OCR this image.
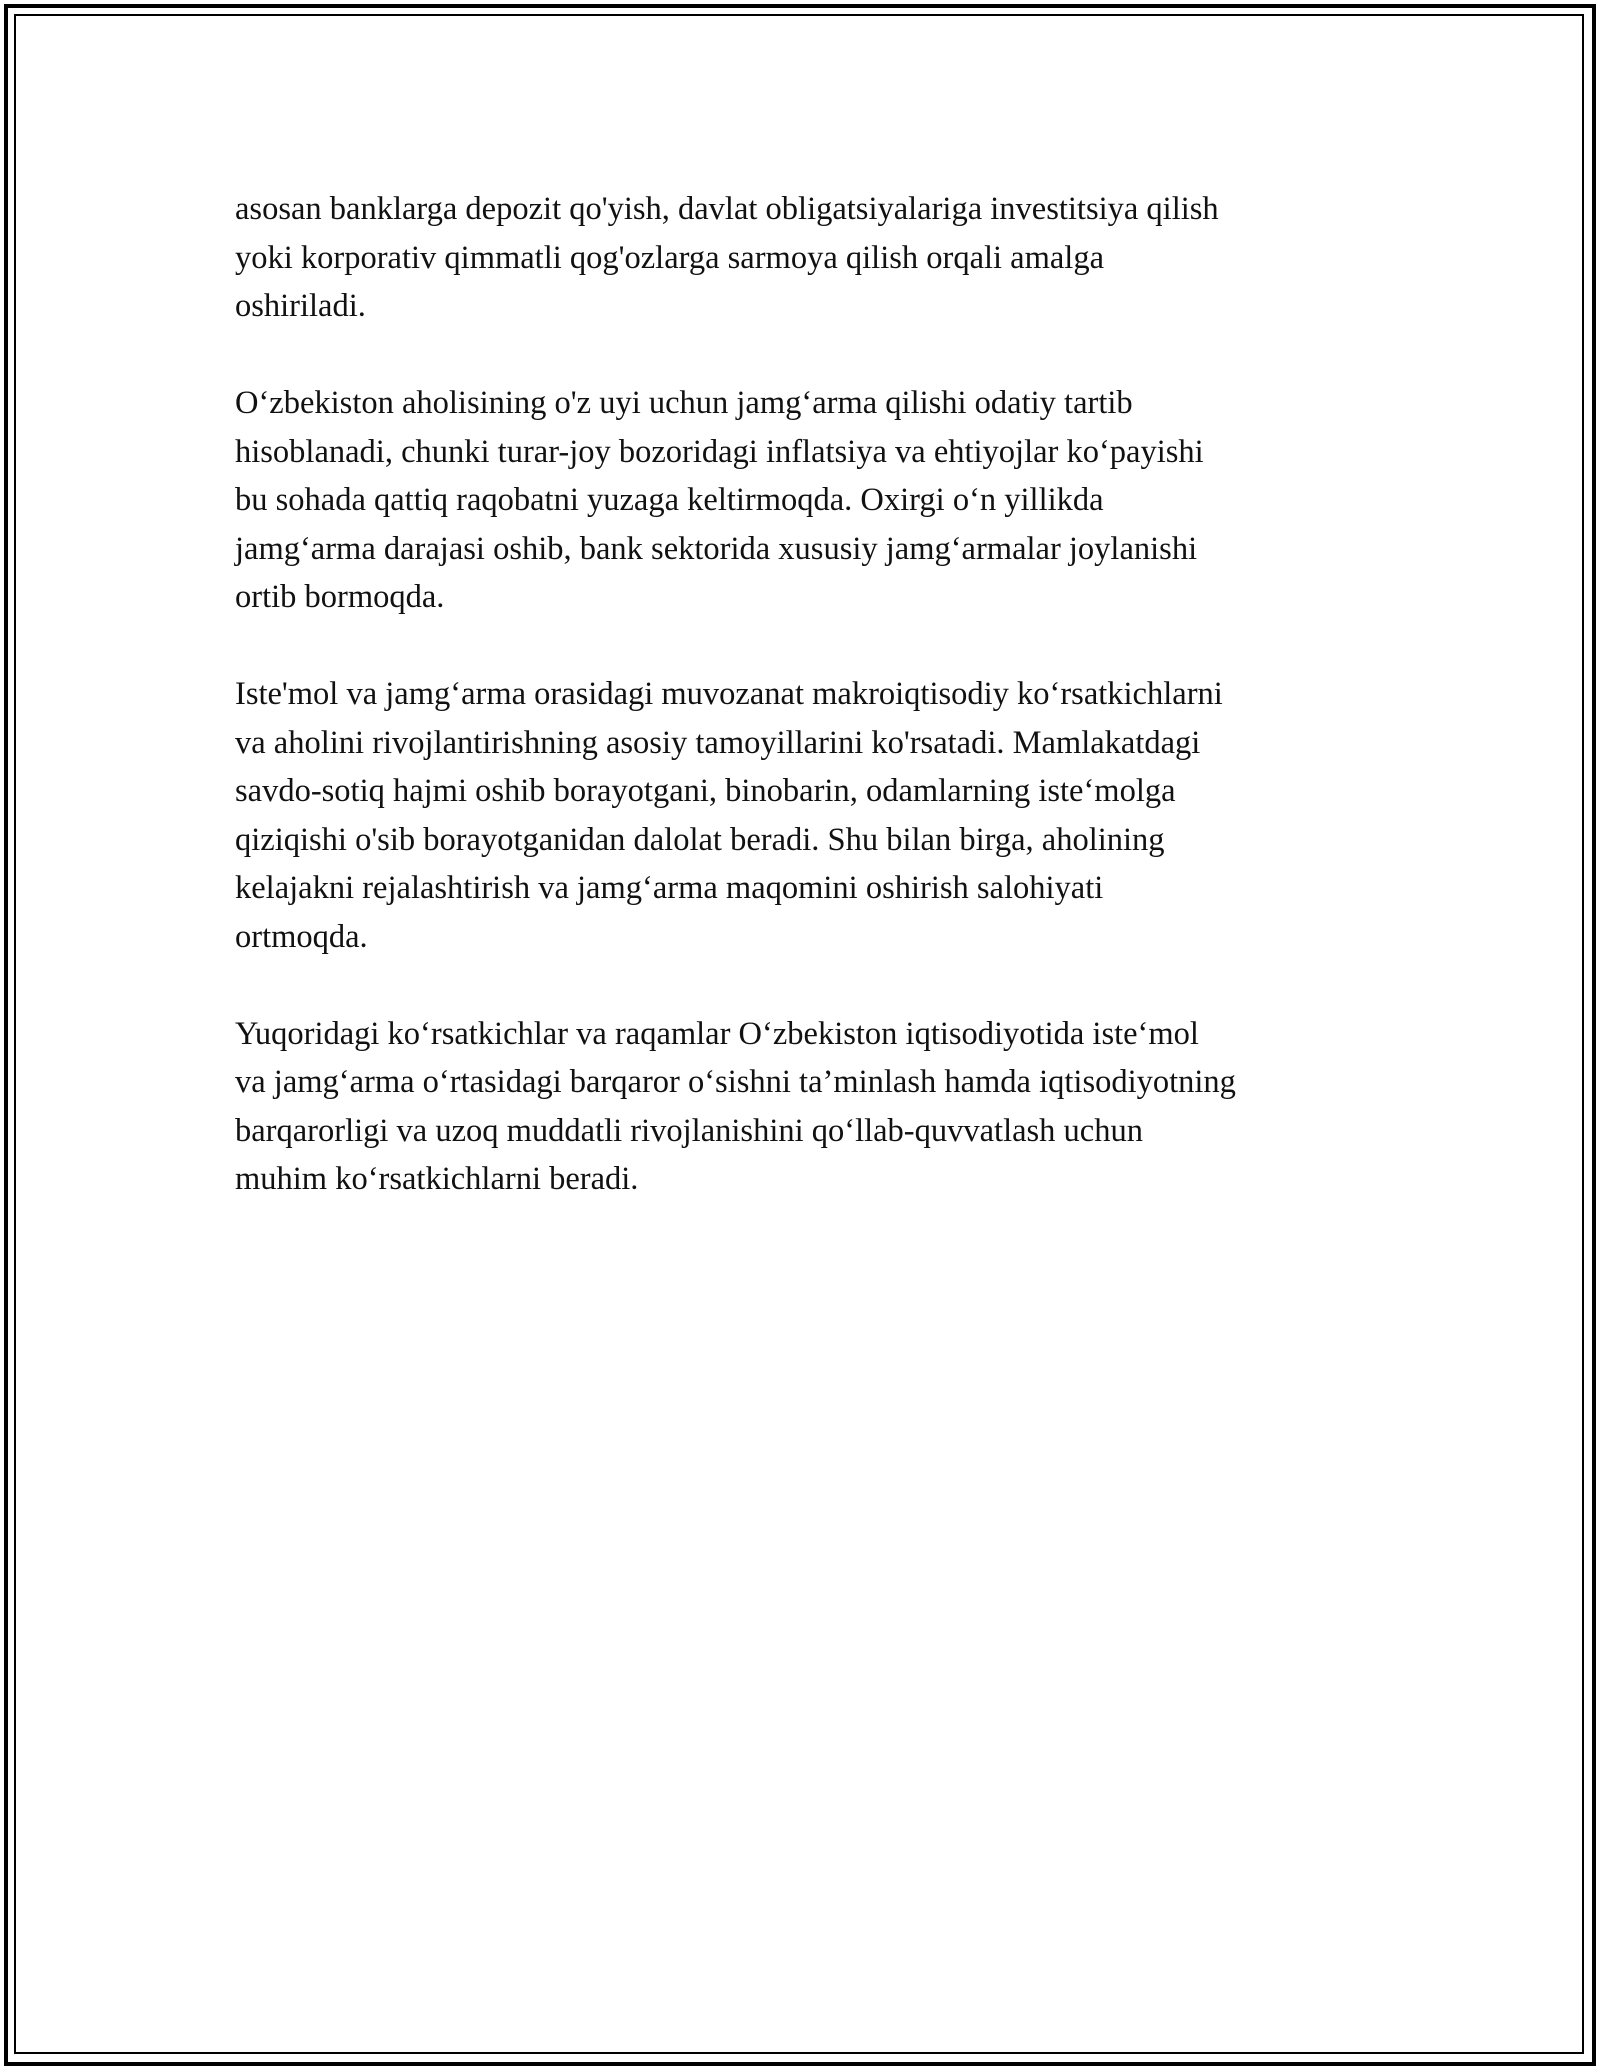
asosan banklarga depozit qo'yish, davlat obligatsiyalariga investitsiya qilish
yoki korporativ qimmatli qog'ozlarga sarmoya qilish orqali amalga
oshiriladi.

O‘zbekiston aholisining o'z uyi uchun jamg‘arma qilishi odatiy tartib
hisoblanadi, chunki turar-joy bozoridagi inflatsiya va ehtiyojlar ko‘payishi
bu sohada qattiq raqobatni yuzaga keltirmoqda. Oxirgi o‘n yillikda
jamg‘arma darajasi oshib, bank sektorida xususiy jamg‘armalar joylanishi
ortib bormoqda.

Iste'mol va jamg‘arma orasidagi muvozanat makroiqtisodiy ko‘rsatkichlarni
va aholini rivojlantirishning asosiy tamoyillarini ko'rsatadi. Mamlakatdagi
savdo-sotiq hajmi oshib borayotgani, binobarin, odamlarning iste‘molga
qiziqishi o'sib borayotganidan dalolat beradi. Shu bilan birga, aholining
kelajakni rejalashtirish va jamg‘arma maqomini oshirish salohiyati
ortmoqda.

Yuqoridagi ko‘rsatkichlar va raqamlar O‘zbekiston iqtisodiyotida iste‘mol
va jamg‘arma o‘rtasidagi barqaror o‘sishni ta’minlash hamda iqtisodiyotning
barqarorligi va uzoq muddatli rivojlanishini qo‘llab-quvvatlash uchun
muhim ko‘rsatkichlarni beradi.
